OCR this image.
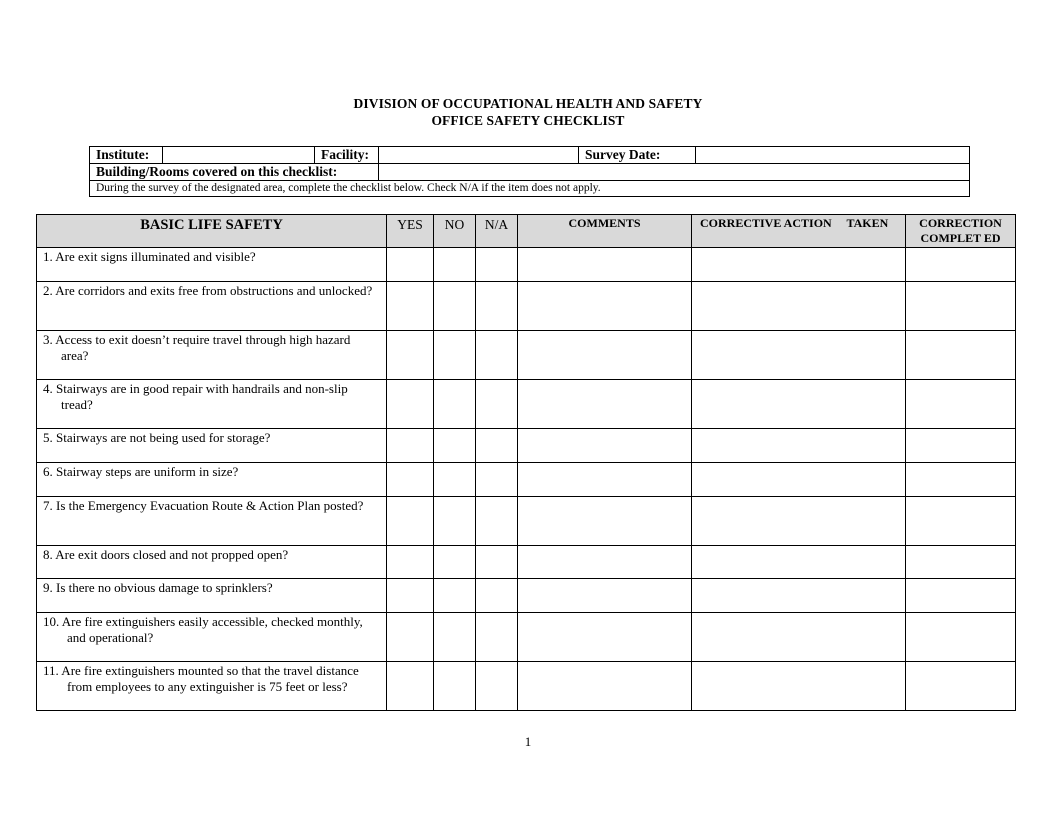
DIVISION OF OCCUPATIONAL HEALTH AND SAFETY
OFFICE SAFETY CHECKLIST
Institute:		Facility:		Survey Date:	
Building/Rooms covered on this checklist:					
During the survey of the designated area, complete the checklist below. Check N/A if the item does not apply.					
BASIC LIFE SAFETY	YES	NO	N/A	COMMENTS	CORRECTIVE ACTION     TAKEN	CORRECTION COMPLET ED

1. Are exit signs illuminated and visible?						

2. Are corridors and exits free from obstructions and unlocked?						

3. Access to exit doesn’t require travel through high hazard area?						

4. Stairways are in good repair with handrails and non-slip tread?						

5. Stairways are not being used for storage?						

6. Stairway steps are uniform in size?						

7. Is the Emergency Evacuation Route & Action Plan posted?						

8. Are exit doors closed and not propped open?						

9. Is there no obvious damage to sprinklers?						

10. Are fire extinguishers easily accessible, checked monthly, and operational?						

11. Are fire extinguishers mounted so that the travel distance from employees to any extinguisher is 75 feet or less?						

1
